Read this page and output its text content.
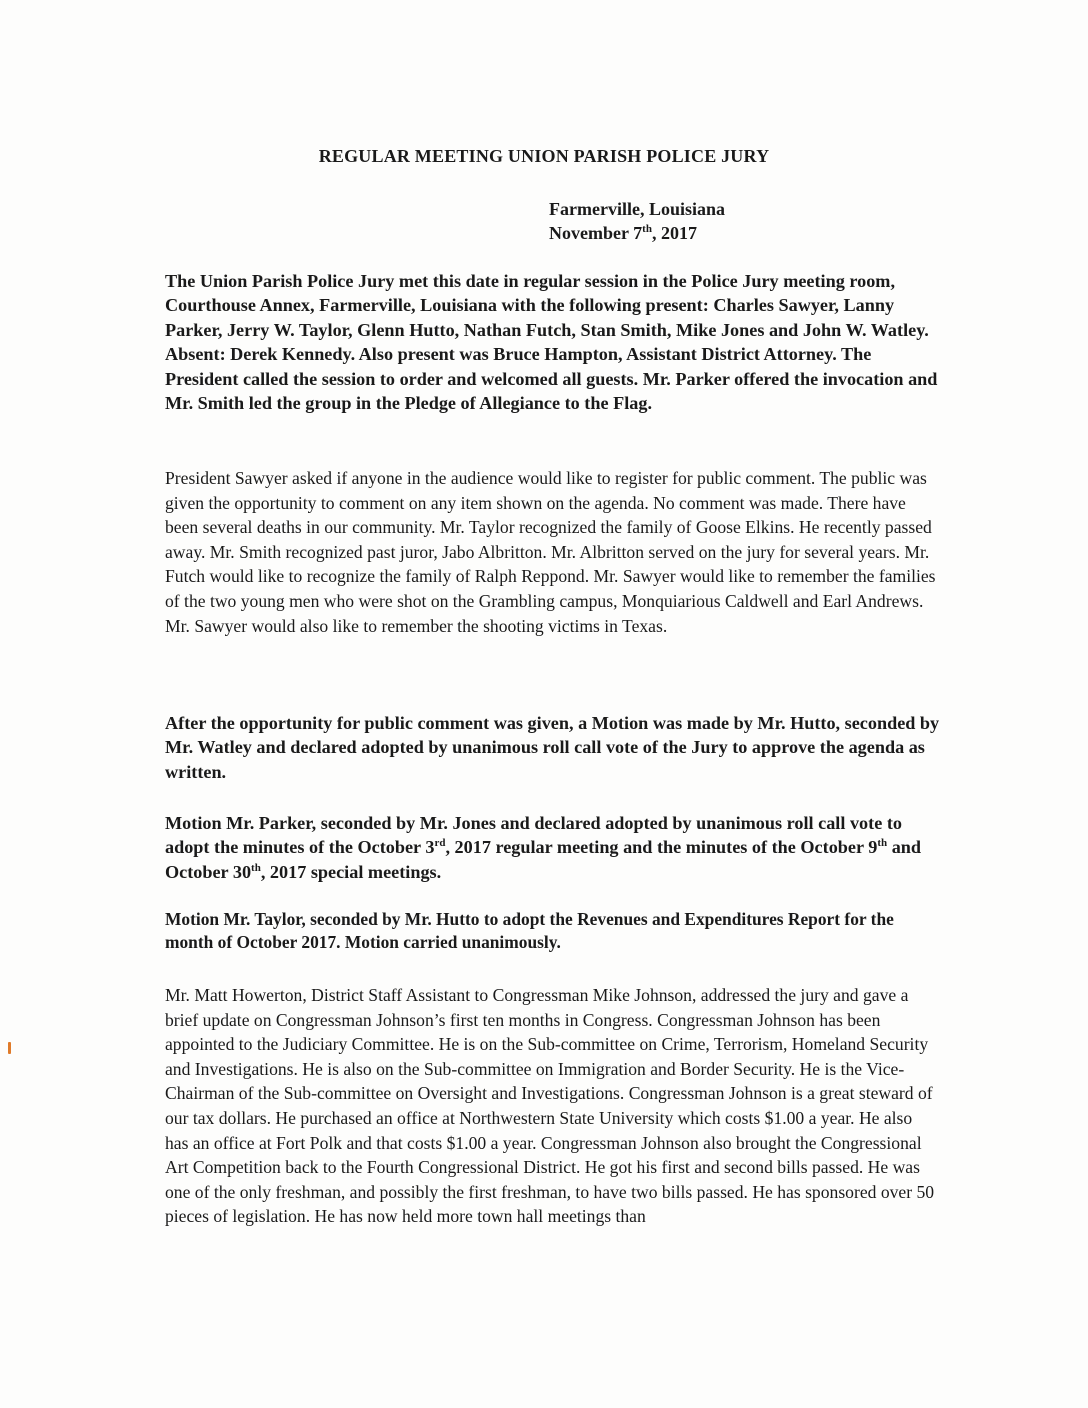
REGULAR MEETING UNION PARISH POLICE JURY
Farmerville, Louisiana
November 7th, 2017

The Union Parish Police Jury met this date in regular session in the Police Jury meeting room, Courthouse Annex, Farmerville, Louisiana with the following present: Charles Sawyer, Lanny Parker, Jerry W. Taylor, Glenn Hutto, Nathan Futch, Stan Smith, Mike Jones and John W. Watley. Absent: Derek Kennedy. Also present was Bruce Hampton, Assistant District Attorney. The President called the session to order and welcomed all guests. Mr. Parker offered the invocation and Mr. Smith led the group in the Pledge of Allegiance to the Flag.

President Sawyer asked if anyone in the audience would like to register for public comment. The public was given the opportunity to comment on any item shown on the agenda. No comment was made. There have been several deaths in our community. Mr. Taylor recognized the family of Goose Elkins. He recently passed away. Mr. Smith recognized past juror, Jabo Albritton. Mr. Albritton served on the jury for several years. Mr. Futch would like to recognize the family of Ralph Reppond. Mr. Sawyer would like to remember the families of the two young men who were shot on the Grambling campus, Monquiarious Caldwell and Earl Andrews. Mr. Sawyer would also like to remember the shooting victims in Texas.

After the opportunity for public comment was given, a Motion was made by Mr. Hutto, seconded by Mr. Watley and declared adopted by unanimous roll call vote of the Jury to approve the agenda as written.

Motion Mr. Parker, seconded by Mr. Jones and declared adopted by unanimous roll call vote to adopt the minutes of the October 3rd, 2017 regular meeting and the minutes of the October 9th and October 30th, 2017 special meetings.

Motion Mr. Taylor, seconded by Mr. Hutto to adopt the Revenues and Expenditures Report for the month of October 2017. Motion carried unanimously.

Mr. Matt Howerton, District Staff Assistant to Congressman Mike Johnson, addressed the jury and gave a brief update on Congressman Johnson’s first ten months in Congress. Congressman Johnson has been appointed to the Judiciary Committee. He is on the Sub-committee on Crime, Terrorism, Homeland Security and Investigations. He is also on the Sub-committee on Immigration and Border Security. He is the Vice-Chairman of the Sub-committee on Oversight and Investigations. Congressman Johnson is a great steward of our tax dollars. He purchased an office at Northwestern State University which costs $1.00 a year. He also has an office at Fort Polk and that costs $1.00 a year. Congressman Johnson also brought the Congressional Art Competition back to the Fourth Congressional District. He got his first and second bills passed. He was one of the only freshman, and possibly the first freshman, to have two bills passed. He has sponsored over 50 pieces of legislation. He has now held more town hall meetings than
